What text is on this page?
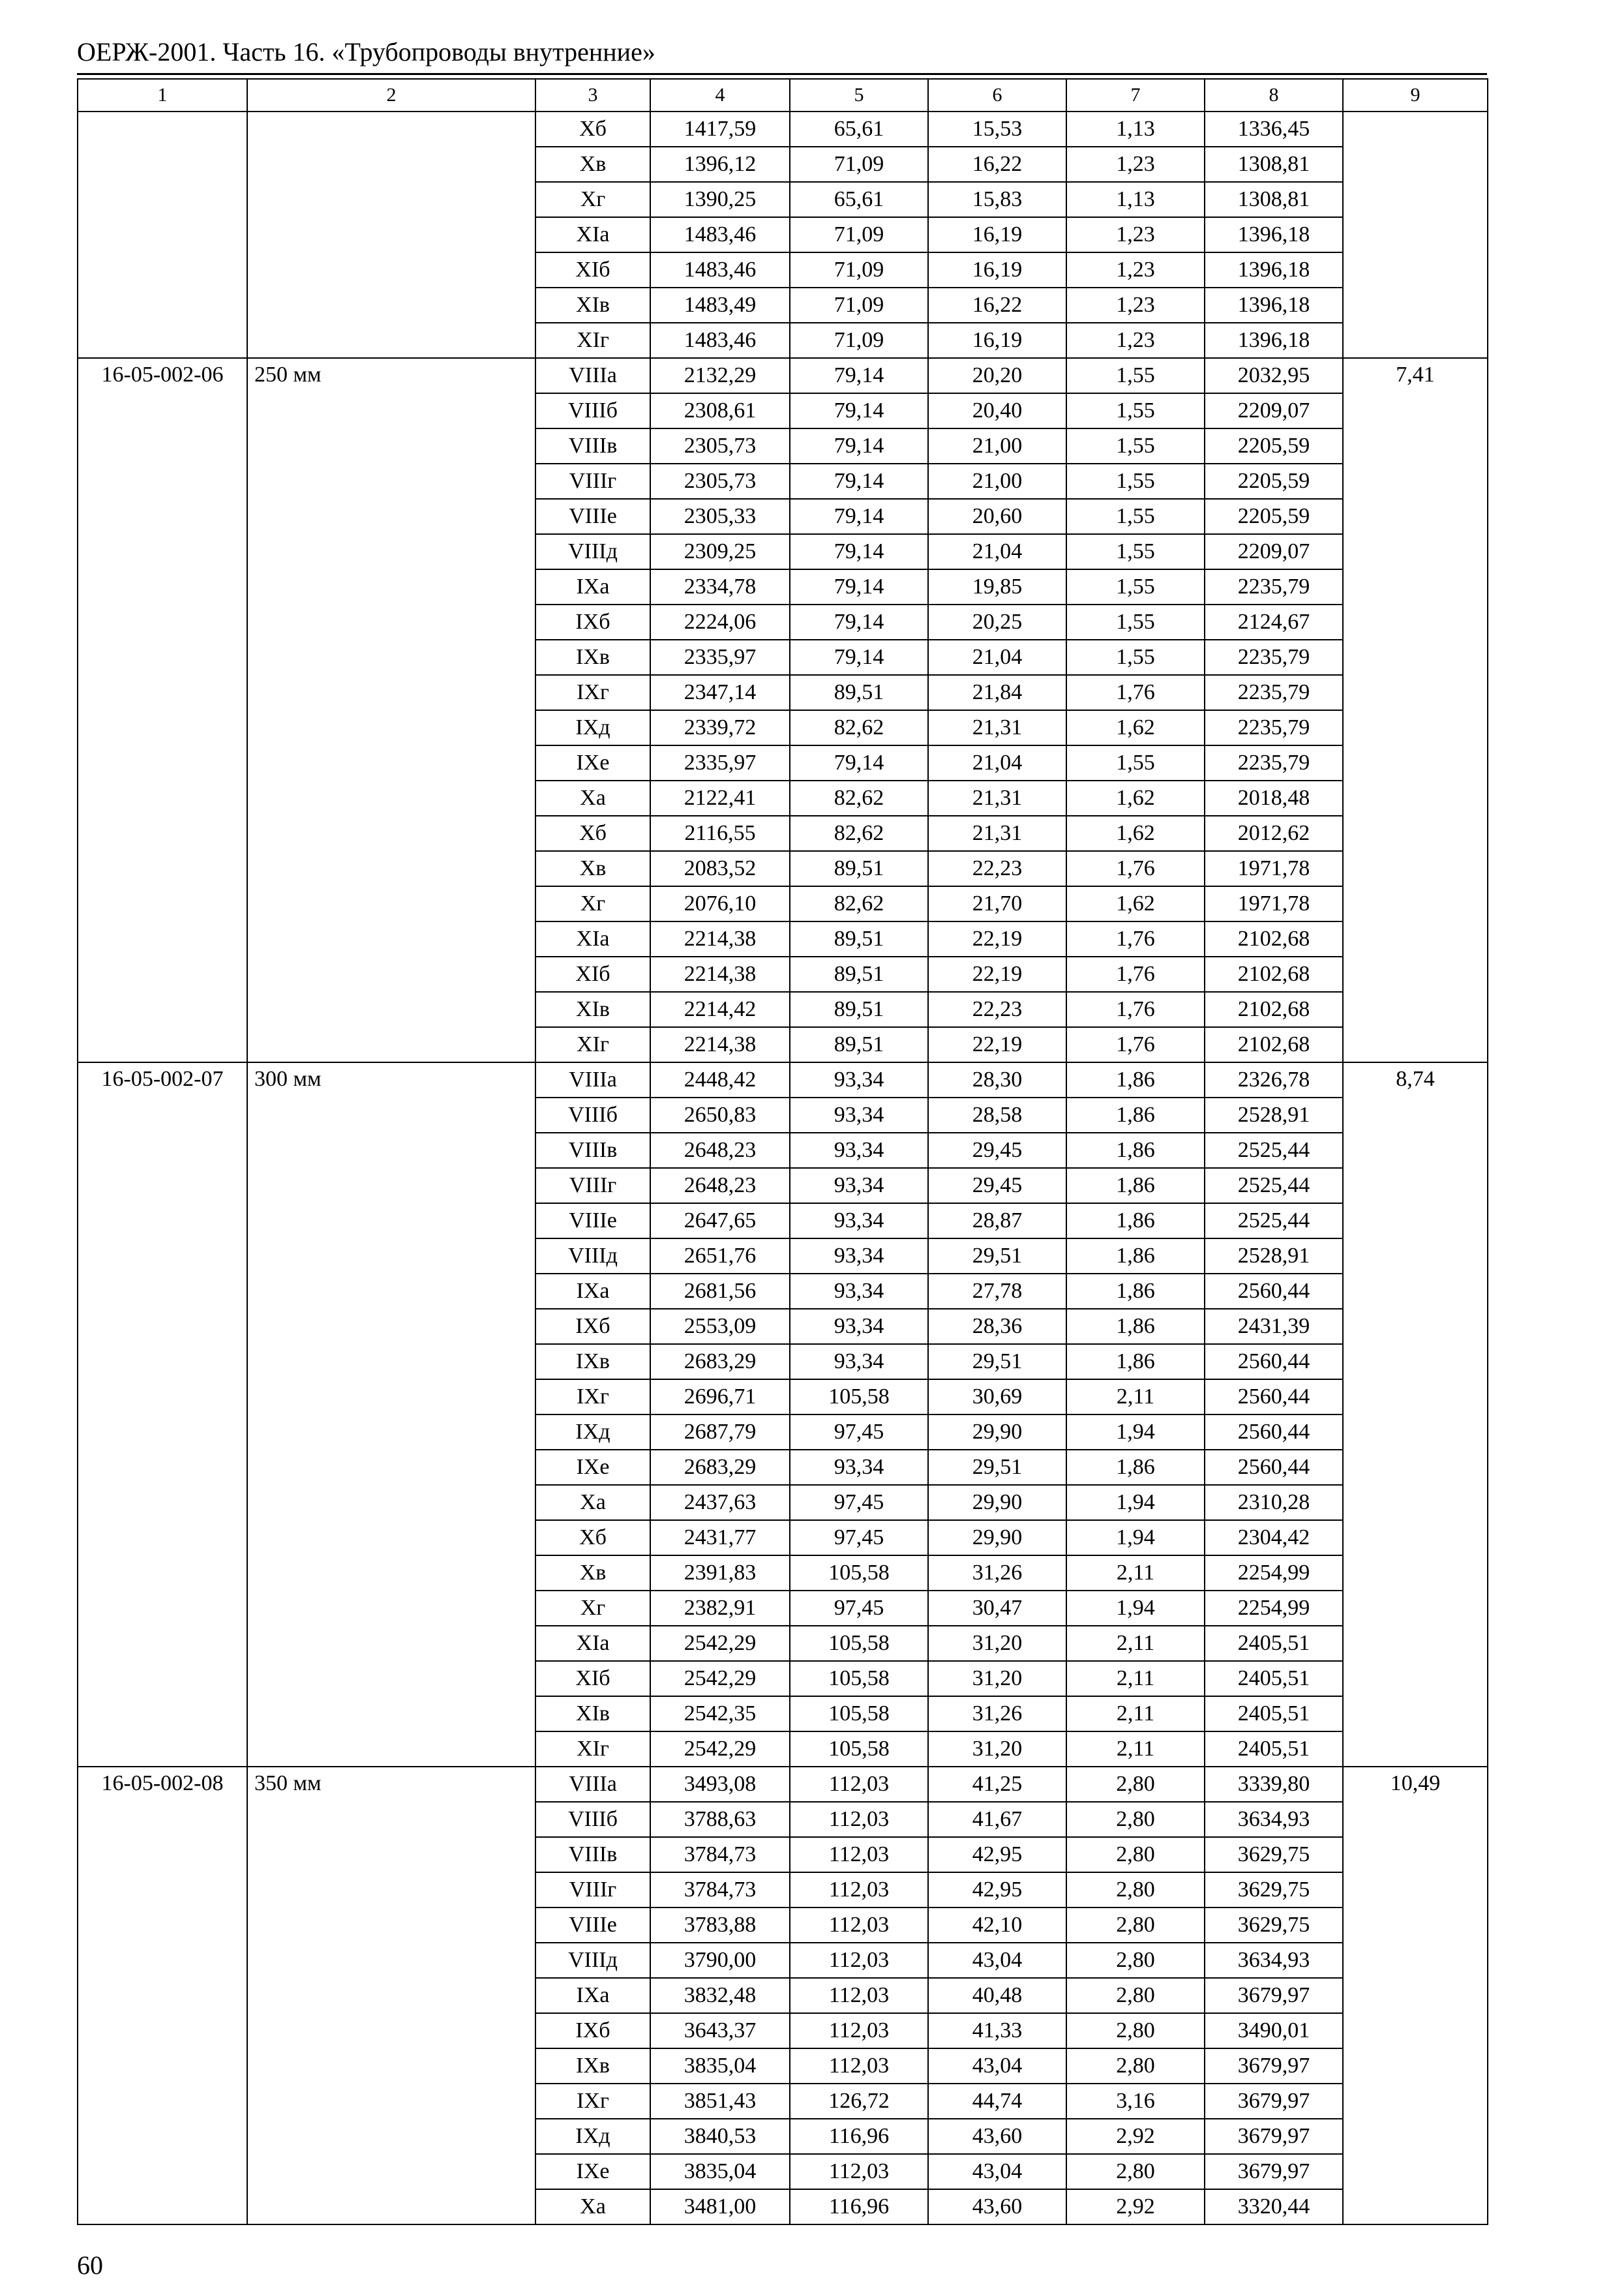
ОЕРЖ-2001. Часть 16. «Трубопроводы внутренние»
1	2	3	4	5	6	7	8	9
		Xб	1417,59	65,61	15,53	1,13	1336,45	
		Xв	1396,12	71,09	16,22	1,23	1308,81	
		Xг	1390,25	65,61	15,83	1,13	1308,81	
		XIа	1483,46	71,09	16,19	1,23	1396,18	
		XIб	1483,46	71,09	16,19	1,23	1396,18	
		XIв	1483,49	71,09	16,22	1,23	1396,18	
		XIг	1483,46	71,09	16,19	1,23	1396,18	
16-05-002-06	250 мм	VIIIа	2132,29	79,14	20,20	1,55	2032,95	7,41
		VIIIб	2308,61	79,14	20,40	1,55	2209,07	
		VIIIв	2305,73	79,14	21,00	1,55	2205,59	
		VIIIг	2305,73	79,14	21,00	1,55	2205,59	
		VIIIе	2305,33	79,14	20,60	1,55	2205,59	
		VIIIд	2309,25	79,14	21,04	1,55	2209,07	
		IXа	2334,78	79,14	19,85	1,55	2235,79	
		IXб	2224,06	79,14	20,25	1,55	2124,67	
		IXв	2335,97	79,14	21,04	1,55	2235,79	
		IXг	2347,14	89,51	21,84	1,76	2235,79	
		IXд	2339,72	82,62	21,31	1,62	2235,79	
		IXе	2335,97	79,14	21,04	1,55	2235,79	
		Xа	2122,41	82,62	21,31	1,62	2018,48	
		Xб	2116,55	82,62	21,31	1,62	2012,62	
		Xв	2083,52	89,51	22,23	1,76	1971,78	
		Xг	2076,10	82,62	21,70	1,62	1971,78	
		XIа	2214,38	89,51	22,19	1,76	2102,68	
		XIб	2214,38	89,51	22,19	1,76	2102,68	
		XIв	2214,42	89,51	22,23	1,76	2102,68	
		XIг	2214,38	89,51	22,19	1,76	2102,68	
16-05-002-07	300 мм	VIIIа	2448,42	93,34	28,30	1,86	2326,78	8,74
		VIIIб	2650,83	93,34	28,58	1,86	2528,91	
		VIIIв	2648,23	93,34	29,45	1,86	2525,44	
		VIIIг	2648,23	93,34	29,45	1,86	2525,44	
		VIIIе	2647,65	93,34	28,87	1,86	2525,44	
		VIIIд	2651,76	93,34	29,51	1,86	2528,91	
		IXа	2681,56	93,34	27,78	1,86	2560,44	
		IXб	2553,09	93,34	28,36	1,86	2431,39	
		IXв	2683,29	93,34	29,51	1,86	2560,44	
		IXг	2696,71	105,58	30,69	2,11	2560,44	
		IXд	2687,79	97,45	29,90	1,94	2560,44	
		IXе	2683,29	93,34	29,51	1,86	2560,44	
		Xа	2437,63	97,45	29,90	1,94	2310,28	
		Xб	2431,77	97,45	29,90	1,94	2304,42	
		Xв	2391,83	105,58	31,26	2,11	2254,99	
		Xг	2382,91	97,45	30,47	1,94	2254,99	
		XIа	2542,29	105,58	31,20	2,11	2405,51	
		XIб	2542,29	105,58	31,20	2,11	2405,51	
		XIв	2542,35	105,58	31,26	2,11	2405,51	
		XIг	2542,29	105,58	31,20	2,11	2405,51	
16-05-002-08	350 мм	VIIIа	3493,08	112,03	41,25	2,80	3339,80	10,49
		VIIIб	3788,63	112,03	41,67	2,80	3634,93	
		VIIIв	3784,73	112,03	42,95	2,80	3629,75	
		VIIIг	3784,73	112,03	42,95	2,80	3629,75	
		VIIIе	3783,88	112,03	42,10	2,80	3629,75	
		VIIIд	3790,00	112,03	43,04	2,80	3634,93	
		IXа	3832,48	112,03	40,48	2,80	3679,97	
		IXб	3643,37	112,03	41,33	2,80	3490,01	
		IXв	3835,04	112,03	43,04	2,80	3679,97	
		IXг	3851,43	126,72	44,74	3,16	3679,97	
		IXд	3840,53	116,96	43,60	2,92	3679,97	
		IXе	3835,04	112,03	43,04	2,80	3679,97	
		Xа	3481,00	116,96	43,60	2,92	3320,44	
60
